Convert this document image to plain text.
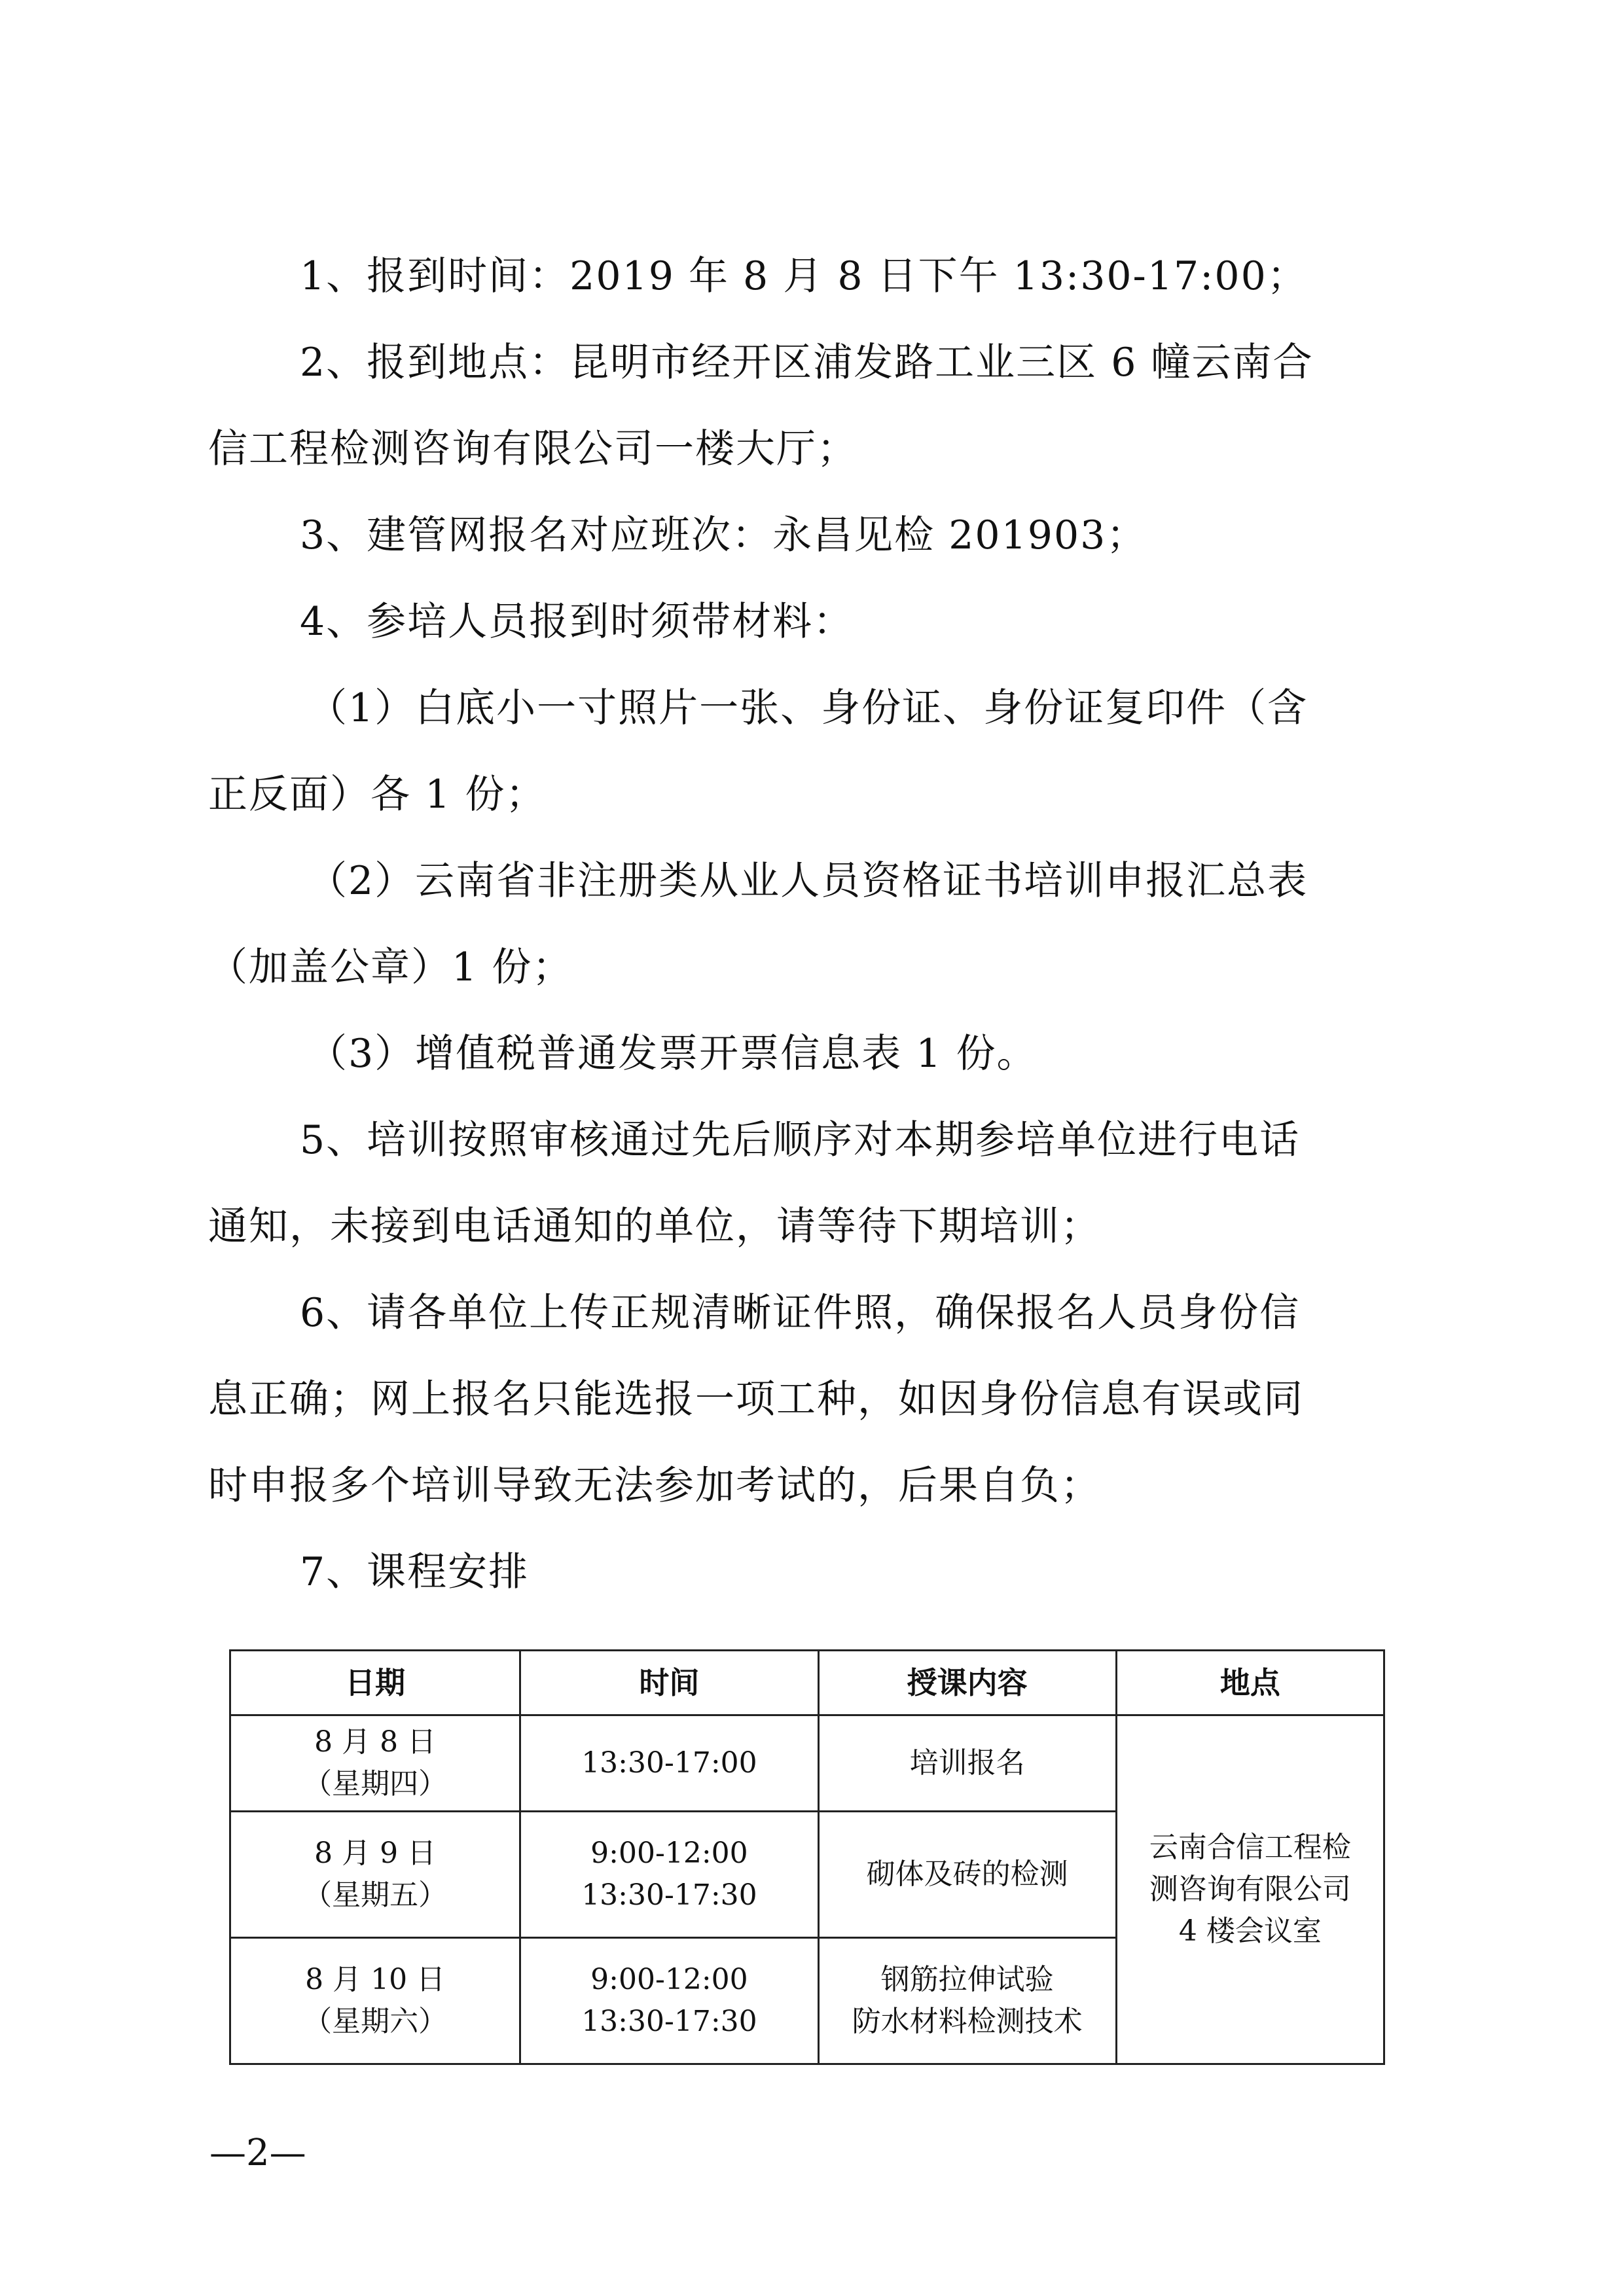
1、报到时间：2019 年 8 月 8 日下午 13:30-17:00；
2、报到地点：昆明市经开区浦发路工业三区 6 幢云南合
信工程检测咨询有限公司一楼大厅；
3、建管网报名对应班次：永昌见检 201903；
4、参培人员报到时须带材料：
（1）白底小一寸照片一张、身份证、身份证复印件（含
正反面）各 1 份；
（2）云南省非注册类从业人员资格证书培训申报汇总表
（加盖公章）1 份；
（3）增值税普通发票开票信息表 1 份。
5、培训按照审核通过先后顺序对本期参培单位进行电话
通知，未接到电话通知的单位，请等待下期培训；
6、请各单位上传正规清晰证件照，确保报名人员身份信
息正确；网上报名只能选报一项工种，如因身份信息有误或同
时申报多个培训导致无法参加考试的，后果自负；
7、课程安排
日期	时间	授课内容	地点

8 月 8 日
（星期四）	13:30-17:00	培训报名	云南合信工程检
测咨询有限公司
4 楼会议室

8 月 9 日
（星期五）	9:00-12:00
13:30-17:30	砌体及砖的检测	

8 月 10 日
（星期六）	9:00-12:00
13:30-17:30	钢筋拉伸试验
防水材料检测技术	
—2—
